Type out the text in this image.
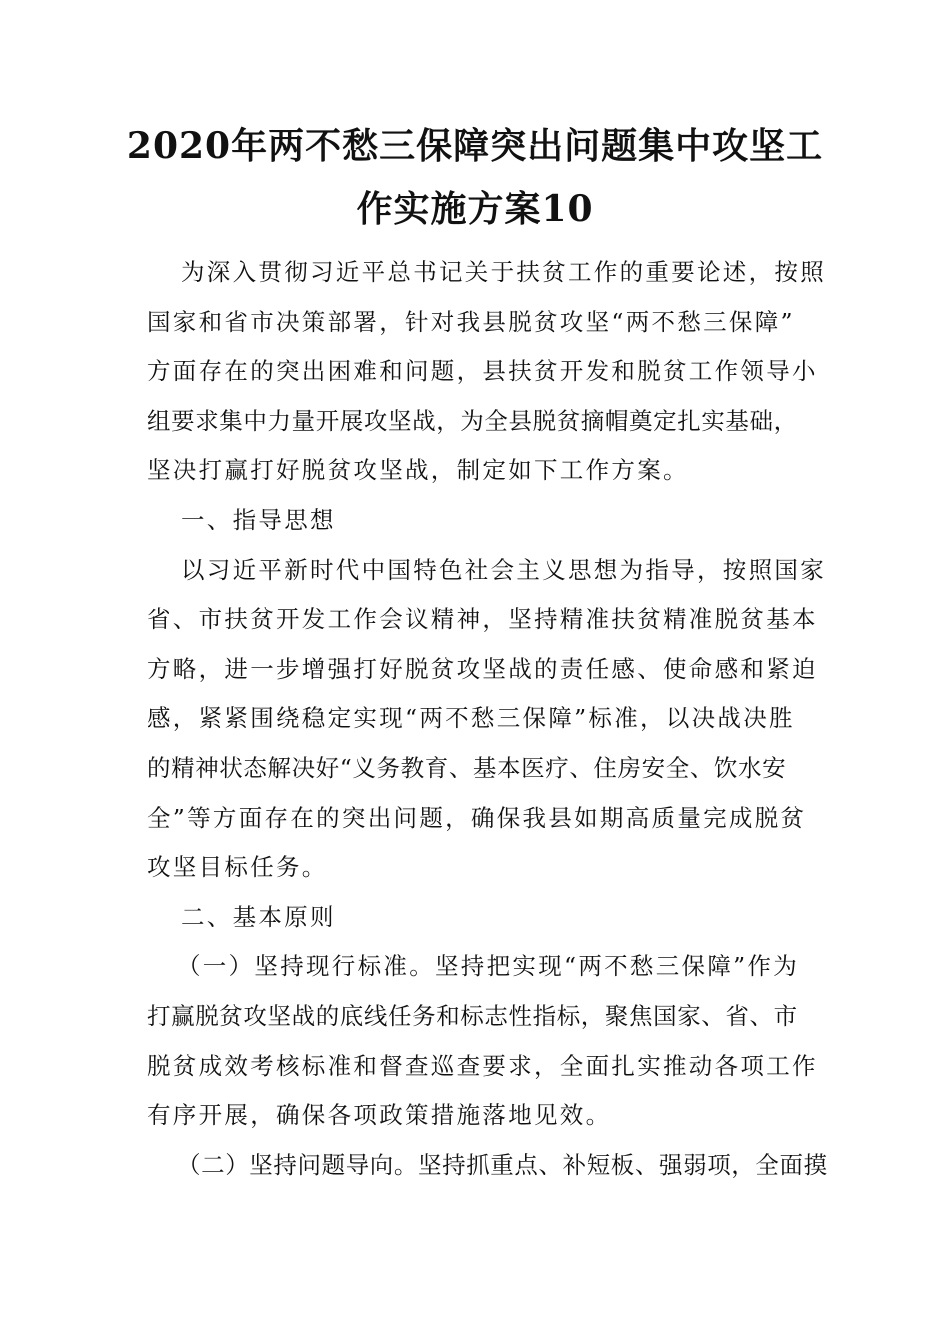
2020年两不愁三保障突出问题集中攻坚工
作实施方案10
为深入贯彻习近平总书记关于扶贫工作的重要论述，按照
国家和省市决策部署，针对我县脱贫攻坚“两不愁三保障”
方面存在的突出困难和问题，县扶贫开发和脱贫工作领导小
组要求集中力量开展攻坚战，为全县脱贫摘帽奠定扎实基础，
坚决打赢打好脱贫攻坚战，制定如下工作方案。
一、指导思想
以习近平新时代中国特色社会主义思想为指导，按照国家
省、市扶贫开发工作会议精神，坚持精准扶贫精准脱贫基本
方略，进一步增强打好脱贫攻坚战的责任感、使命感和紧迫
感，紧紧围绕稳定实现“两不愁三保障”标准，以决战决胜
的精神状态解决好“义务教育、基本医疗、住房安全、饮水安
全”等方面存在的突出问题，确保我县如期高质量完成脱贫
攻坚目标任务。
二、基本原则
（一）坚持现行标准。坚持把实现“两不愁三保障”作为
打赢脱贫攻坚战的底线任务和标志性指标，聚焦国家、省、市
脱贫成效考核标准和督查巡查要求，全面扎实推动各项工作
有序开展，确保各项政策措施落地见效。
（二）坚持问题导向。坚持抓重点、补短板、强弱项，全面摸
